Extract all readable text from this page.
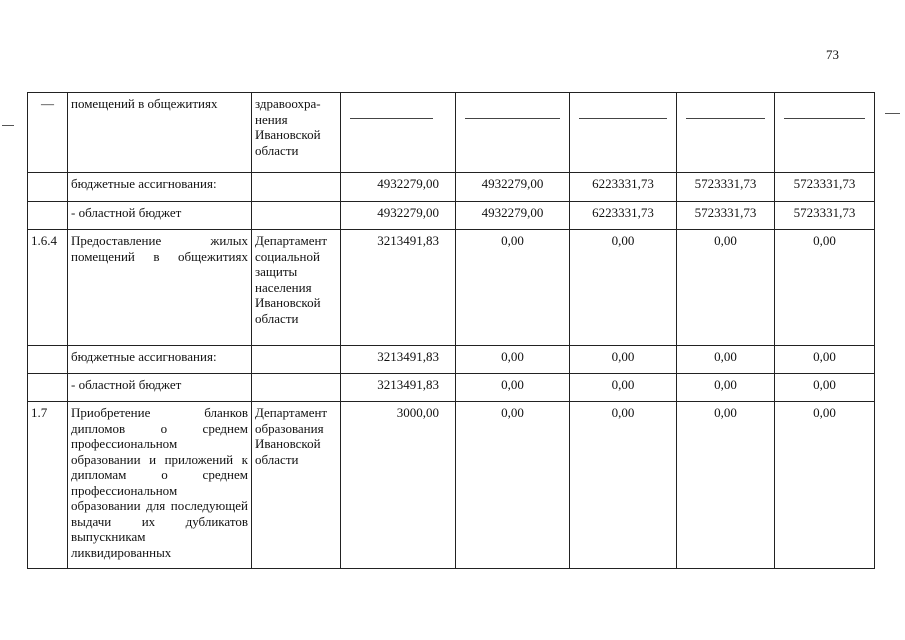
73
—	помещений в общежитиях	здравоохра-нения Ивановской области	

	бюджетные ассигнования:		4932279,00	4932279,00	6223331,73	5723331,73	5723331,73
	- областной бюджет		4932279,00	4932279,00	6223331,73	5723331,73	5723331,73
1.6.4	Предоставление жилых помещений в общежитиях	Департамент социальной защиты населения Ивановской области	3213491,83	0,00	0,00	0,00	0,00
	бюджетные ассигнования:		3213491,83	0,00	0,00	0,00	0,00
	- областной бюджет		3213491,83	0,00	0,00	0,00	0,00
1.7	Приобретение бланков дипломов о среднем профессиональном образовании и приложений к дипломам о среднем профессиональном образовании для последующей выдачи их дубликатов выпускникам ликвидированных	Департамент образования Ивановской области	3000,00	0,00	0,00	0,00	0,00
